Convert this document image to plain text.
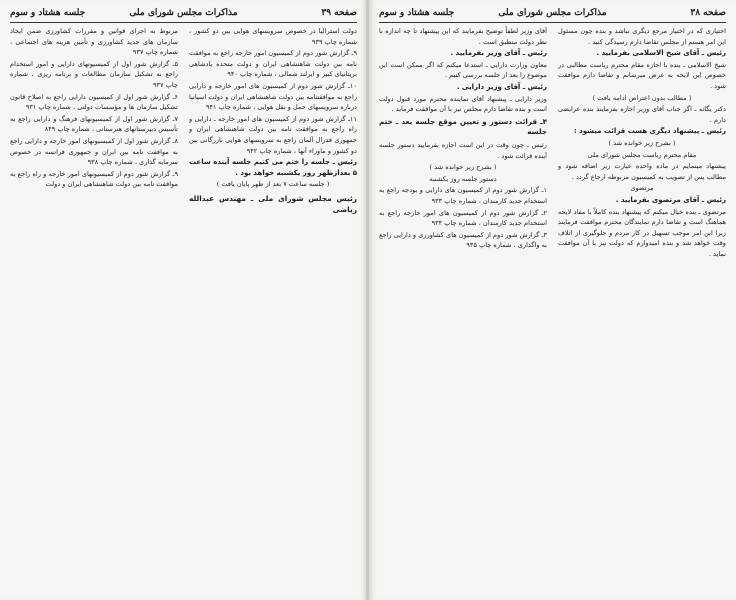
صفحه ۳۹
مذاکرات مجلس شورای ملی
جلسه هشتاد و سوم

دولت استرالیا در خصوص سرویسهای هوایی بین دو کشور ، شماره چاپ ۹۳۹

۹ـ گزارش شور دوم از کمیسیون امور خارجه راجع به موافقت نامه بین دولت شاهنشاهی ایران و دولت متحده پادشاهی بریتانیای کبیر و ایرلند شمالی ، شماره چاپ ۹۴۰

۱۰ـ گزارش شور دوم از کمیسیون های امور خارجه و دارایی راجع به موافقتنامه بین دولت شاهنشاهی ایران و دولت اسپانیا درباره سرویسهای حمل و نقل هوایی ، شماره چاپ ۹۴۱

۱۱ـ گزارش شور دوم از کمیسیون های امور خارجه ـ دارایی و راه راجع به موافقت نامه بین دولت شاهنشاهی ایران و جمهوری فدرال آلمان راجع به سرویسهای هوایی بازرگانی بین دو کشور و ماوراء آنها ، شماره چاپ ۹۴۲

رئیس ـ جلسه را ختم می کنیم جلسه آینده ساعت ۵ بعدازظهر روز یکشنبه خواهد بود .

( جلسه ساعت ۷ بعد از ظهر پایان یافت )

رئیس مجلس شورای ملی ـ مهندس عبدالله ریاضی

مربوط به اجرای قوانین و مقررات کشاورزی ضمن ایجاد سازمان های جدید کشاورزی و تأمین هزینه های اجتماعی ، شماره چاپ ۹۳۷

۵ـ گزارش شور اول از کمیسیونهای دارایی و امور استخدام راجع به تشکیل سازمان مطالعات و برنامه ریزی ، شماره چاپ ۹۳۷

۶ـ گزارش شور اول از کمیسیون دارایی راجع به اصلاح قانون تشکیل سازمان ها و مؤسسات دولتی ، شماره چاپ ۹۳۱

۷ـ گزارش شور اول از کمیسیونهای فرهنگ و دارایی راجع به تأسیس دبیرستانهای هنرستانی ، شماره چاپ ۸۴۹

۸ـ گزارش شور اول از کمیسیونهای امور خارجه و دارایی راجع به موافقت نامه بین ایران و جمهوری فرانسه در خصوص سرمایه گذاری ، شماره چاپ ۹۳۸

۹ـ گزارش شور دوم از کمیسیونهای امور خارجه و راه راجع به موافقت نامه بین دولت شاهنشاهی ایران و دولت

صفحه ۳۸
مذاکرات مجلس شورای ملی
جلسه هشتاد و سوم

اختیاری که در اختیار مرجع دیگری نباشد و بنده چون مسئول این امر هستم از مجلس تقاضا دارم رسیدگی کنید .

رئیس ـ آقای شیخ الاسلامی بفرمایید .

شیخ الاسلامی ـ بنده با اجازه مقام محترم ریاست مطالبی در خصوص این لایحه به عرض میرسانم و تقاضا دارم موافقت شود .

( مطالب بدون اعتراض ادامه یافت )

دکتر یگانه ـ اگر جناب آقای وزیر اجازه بفرمایند بنده عرایضی دارم .

رئیس ـ پیشنهاد دیگری هست قرائت میشود :

( بشرح زیر خوانده شد )

مقام محترم ریاست مجلس شورای ملی

پیشنهاد مینمایم در ماده واحده عبارت زیر اضافه شود و مطالب پس از تصویب به کمیسیون مربوطه ارجاع گردد .

مرتضوی

رئیس ـ آقای مرتضوی بفرمایید .

مرتضوی ـ بنده خیال میکنم که پیشنهاد بنده کاملاً با مفاد لایحه هماهنگ است و تقاضا دارم نمایندگان محترم موافقت فرمایند زیرا این امر موجب تسهیل در کار مردم و جلوگیری از اتلاف وقت خواهد شد و بنده امیدوارم که دولت نیز با آن موافقت نماید .

آقای وزیر لطفاً توضیح بفرمایند که این پیشنهاد تا چه اندازه با نظر دولت منطبق است .

رئیس ـ آقای وزیر بفرمایید .

معاون وزارت دارایی ـ استدعا میکنم که اگر ممکن است این موضوع را بعد از جلسه بررسی کنیم .

رئیس ـ آقای وزیر دارایی .

وزیر دارایی ـ پیشنهاد آقای نماینده محترم مورد قبول دولت است و بنده تقاضا دارم مجلس نیز با آن موافقت فرماید .

۴ـ قرائت دستور و تعیین موقع جلسه بعد ـ ختم جلسه

رئیس ـ چون وقت در این است اجازه بفرمایید دستور جلسه آینده قرائت شود .

( بشرح زیر خوانده شد )

دستور جلسه روز یکشنبه

۱ـ گزارش شور دوم از کمیسیون های دارایی و بودجه راجع به استخدام جدید کارمندان ، شماره چاپ ۹۳۳

۲ـ گزارش شور دوم از کمیسیون های امور خارجه راجع به استخدام جدید کارمندان ، شماره چاپ ۹۳۴

۳ـ گزارش شور دوم از کمیسیون های کشاورزی و دارایی راجع به واگذاری ، شماره چاپ ۹۳۵
